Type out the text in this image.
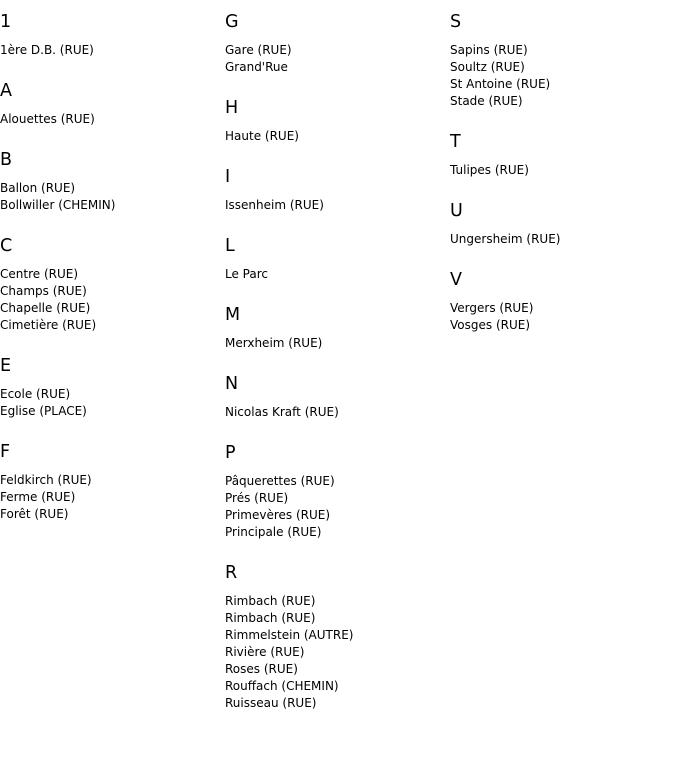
1
1ère D.B. (RUE)
A
Alouettes (RUE)
B
Ballon (RUE)
Bollwiller (CHEMIN)
C
Centre (RUE)
Champs (RUE)
Chapelle (RUE)
Cimetière (RUE)
E
Ecole (RUE)
Eglise (PLACE)
F
Feldkirch (RUE)
Ferme (RUE)
Forêt (RUE)
G
Gare (RUE)
Grand'Rue
H
Haute (RUE)
I
Issenheim (RUE)
L
Le Parc
M
Merxheim (RUE)
N
Nicolas Kraft (RUE)
P
Pâquerettes (RUE)
Prés (RUE)
Primevères (RUE)
Principale (RUE)
R
Rimbach (RUE)
Rimbach (RUE)
Rimmelstein (AUTRE)
Rivière (RUE)
Roses (RUE)
Rouffach (CHEMIN)
Ruisseau (RUE)
S
Sapins (RUE)
Soultz (RUE)
St Antoine (RUE)
Stade (RUE)
T
Tulipes (RUE)
U
Ungersheim (RUE)
V
Vergers (RUE)
Vosges (RUE)
